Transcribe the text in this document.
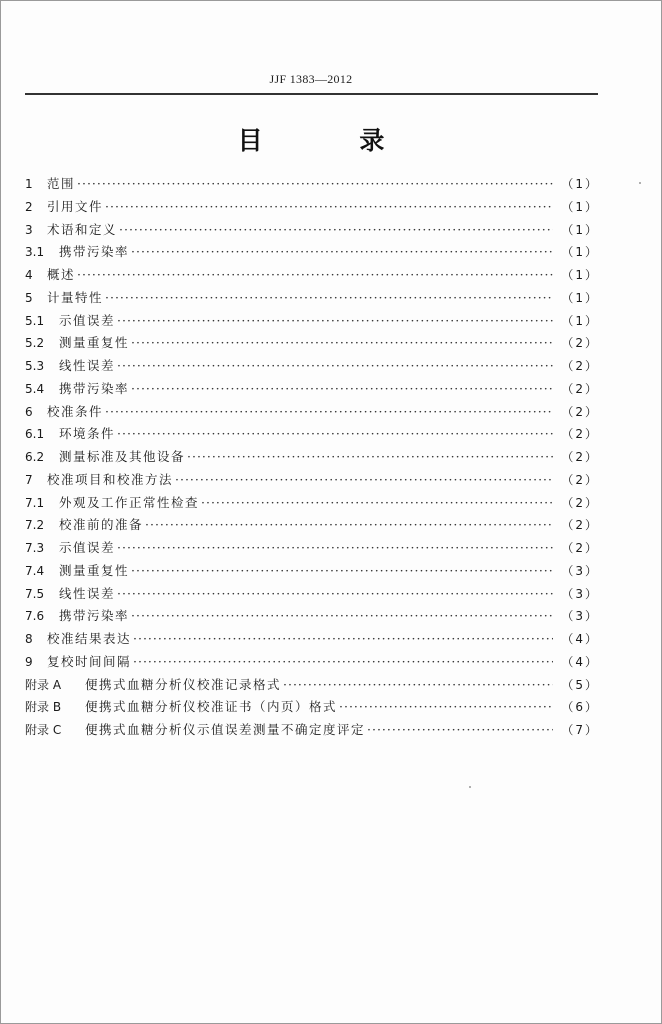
JJF 1383—2012
目 录
1	范围 ·····	（1）
2	引用文件 ·····	（1）
3	术语和定义 ·····	（1）
3.1	携带污染率 ·····	（1）
4	概述 ·····	（1）
5	计量特性 ·····	（1）
5.1	示值误差 ·····	（1）
5.2	测量重复性 ·····	（2）
5.3	线性误差 ·····	（2）
5.4	携带污染率 ·····	（2）
6	校准条件 ·····	（2）
6.1	环境条件 ·····	（2）
6.2	测量标准及其他设备 ·····	（2）
7	校准项目和校准方法 ·····	（2）
7.1	外观及工作正常性检查 ·····	（2）
7.2	校准前的准备 ·····	（2）
7.3	示值误差 ·····	（2）
7.4	测量重复性 ·····	（3）
7.5	线性误差 ·····	（3）
7.6	携带污染率 ·····	（3）
8	校准结果表达 ·····	（4）
9	复校时间间隔 ·····	（4）
附录 A	便携式血糖分析仪校准记录格式 ·····	（5）
附录 B	便携式血糖分析仪校准证书（内页）格式 ·····	（6）
附录 C	便携式血糖分析仪示值误差测量不确定度评定 ·····	（7）
